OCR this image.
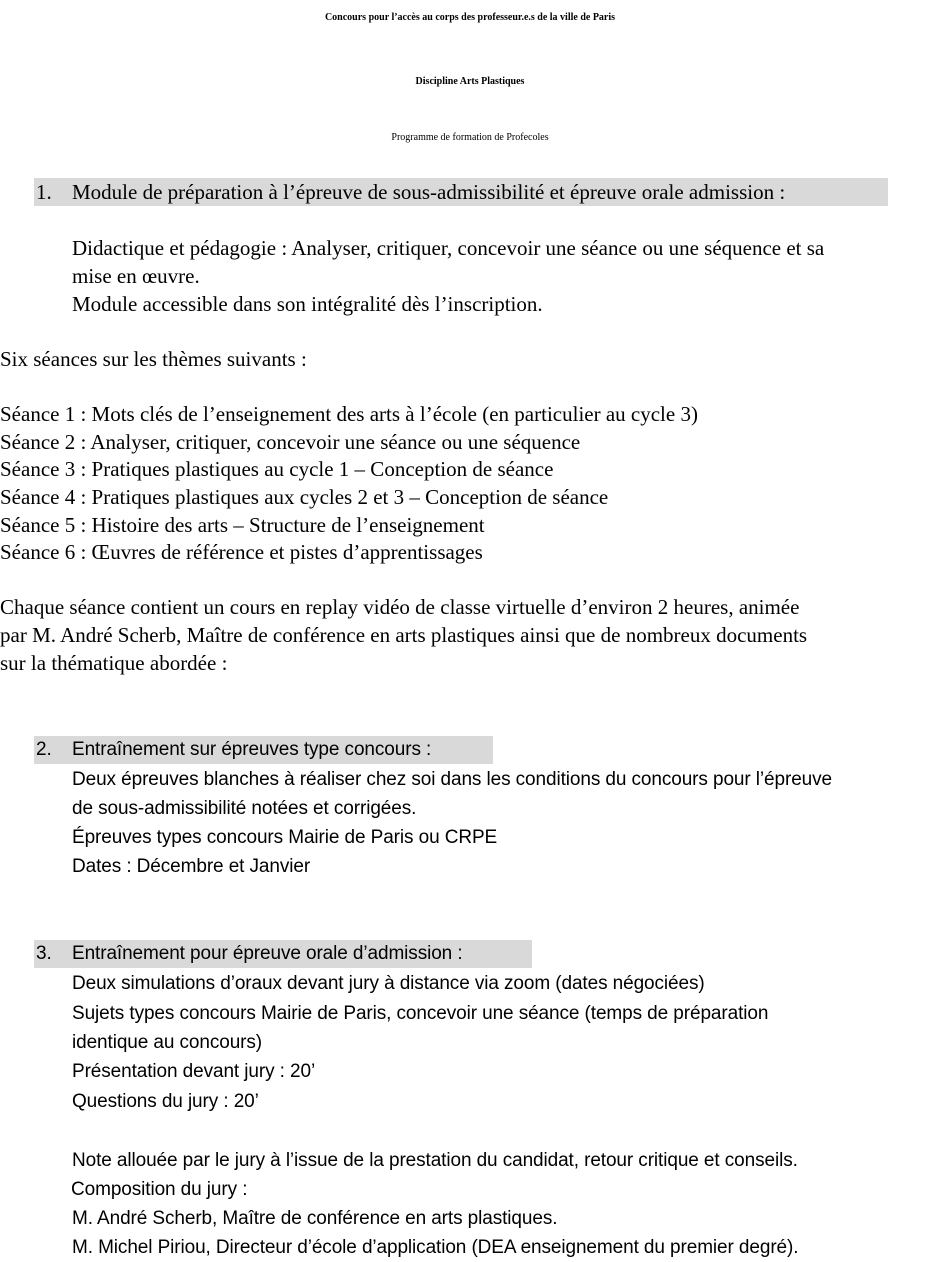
Concours pour l’accès au corps des professeur.e.s de la ville de Paris
Discipline Arts Plastiques
Programme de formation de Profecoles
1. Module de préparation à l’épreuve de sous-admissibilité et épreuve orale admission :
Didactique et pédagogie : Analyser, critiquer, concevoir une séance ou une séquence et sa
mise en œuvre.
Module accessible dans son intégralité dès l’inscription.
Six séances sur les thèmes suivants :
Séance 1 : Mots clés de l’enseignement des arts à l’école (en particulier au cycle 3)
Séance 2 : Analyser, critiquer, concevoir une séance ou une séquence
Séance 3 : Pratiques plastiques au cycle 1 – Conception de séance
Séance 4 : Pratiques plastiques aux cycles 2 et 3 – Conception de séance
Séance 5 : Histoire des arts – Structure de l’enseignement
Séance 6 : Œuvres de référence et pistes d’apprentissages
Chaque séance contient un cours en replay vidéo de classe virtuelle d’environ 2 heures, animée
par M. André Scherb, Maître de conférence en arts plastiques ainsi que de nombreux documents
sur la thématique abordée :
2. Entraînement sur épreuves type concours :
Deux épreuves blanches à réaliser chez soi dans les conditions du concours pour l’épreuve
de sous-admissibilité notées et corrigées.
Épreuves types concours Mairie de Paris ou CRPE
Dates : Décembre et Janvier
3. Entraînement pour épreuve orale d’admission :
Deux simulations d’oraux devant jury à distance via zoom (dates négociées)
Sujets types concours Mairie de Paris, concevoir une séance (temps de préparation
identique au concours)
Présentation devant jury : 20’
Questions du jury : 20’
Note allouée par le jury à l’issue de la prestation du candidat, retour critique et conseils.
Composition du jury :
M. André Scherb, Maître de conférence en arts plastiques.
M. Michel Piriou, Directeur d’école d’application (DEA enseignement du premier degré).
